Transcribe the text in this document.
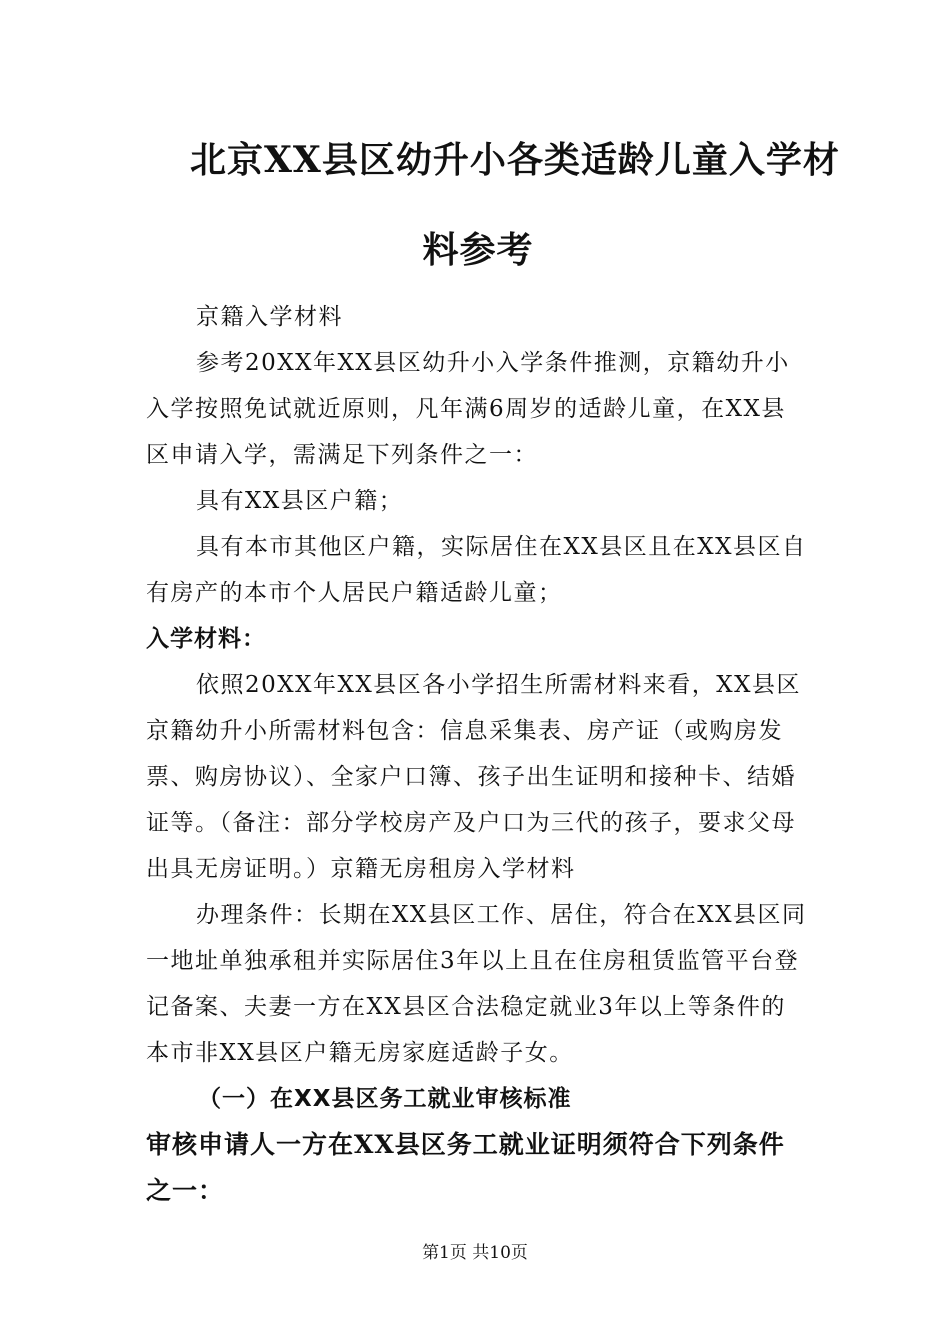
北京XX县区幼升小各类适龄儿童入学材
料参考

京籍入学材料

参考20XX年XX县区幼升小入学条件推测，京籍幼升小入学按照免试就近原则，凡年满6周岁的适龄儿童，在XX县区申请入学，需满足下列条件之一：

具有XX县区户籍；

具有本市其他区户籍，实际居住在XX县区且在XX县区自有房产的本市个人居民户籍适龄儿童；

入学材料：

依照20XX年XX县区各小学招生所需材料来看，XX县区京籍幼升小所需材料包含：信息采集表、房产证（或购房发票、购房协议）、全家户口簿、孩子出生证明和接种卡、结婚证等。（备注：部分学校房产及户口为三代的孩子，要求父母出具无房证明。）京籍无房租房入学材料

办理条件：长期在XX县区工作、居住，符合在XX县区同一地址单独承租并实际居住3年以上且在住房租赁监管平台登记备案、夫妻一方在XX县区合法稳定就业3年以上等条件的本市非XX县区户籍无房家庭适龄子女。

（一）在XX县区务工就业审核标准

审核申请人一方在XX县区务工就业证明须符合下列条件之一：

第1页 共10页
